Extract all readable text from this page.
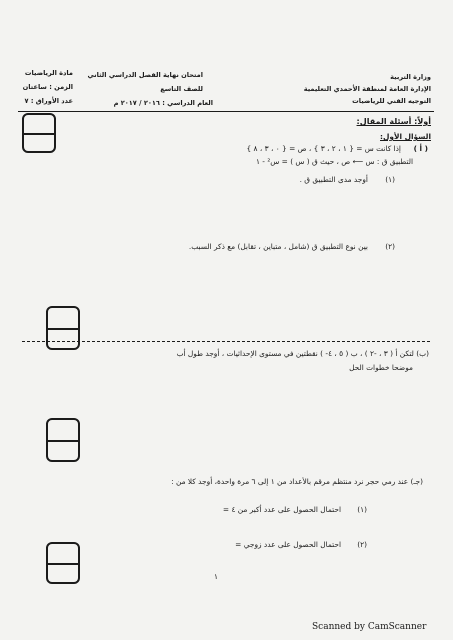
وزارة التربية
الإدارة العامة لمنطقة الأحمدي التعليمية
التوجيه الفني للرياضيات
امتحان نهاية الفصل الدراسي الثاني
للصف التاسع
العام الدراسي : ٢٠١٦ / ٢٠١٧ م
مادة الرياضيات
الزمن : ساعتان
عدد الأوراق : ٧
أولاً: أسئلة المقال:
السؤال الأول:
( أ )
إذا كانت س = { ١ ، ٢ ، ٣ } ، ص = { ٠ ، ٣ ، ٨ }
التطبيق ق : س ⟵ ص ، حيث ق ( س ) = س² - ١
(١)
أوجد مدى التطبيق ق .
(٢)
بين نوع التطبيق ق (شامل ، متباين ، تقابل) مع ذكر السبب.
(ب) لتكن أ ( ٣ ، -٢ ) ، ب ( ٥ ، ٤- ) نقطتين في مستوى الإحداثيات ، أوجد طول أب
موضحا خطوات الحل
(جـ) عند رمي حجر نرد منتظم مرقم بالأعداد من ١ إلى ٦ مرة واحدة، أوجد كلا من :
(١)
احتمال الحصول على عدد أكبر من ٤ =
(٢)
احتمال الحصول على عدد زوجي =
١
Scanned by CamScanner
